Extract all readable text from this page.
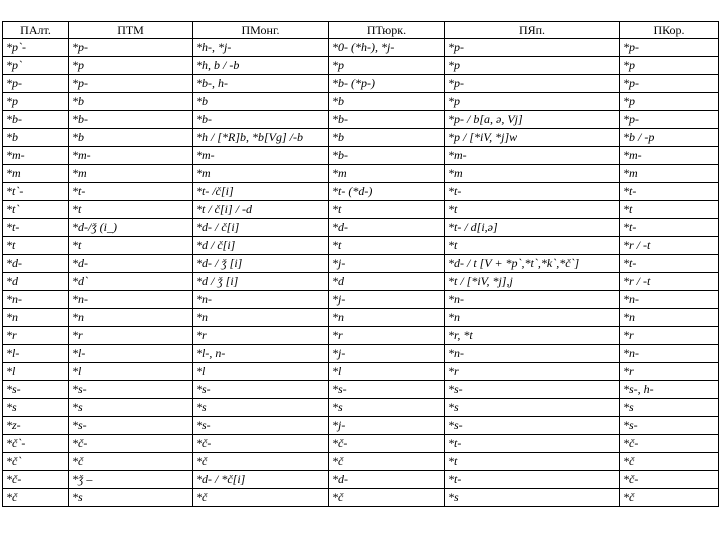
ПАлт.	ПТМ	ПМонг.	ПТюрк.	ПЯп.	ПКор.
*p`-	*p-	*h-, *j-	*0- (*h-), *j-	*p-	*p-
*p`	*p	*h, b / -b	*p	*p	*p
*p-	*p-	*b-, h-	*b- (*p-)	*p-	*p-
*p	*b	*b	*b	*p	*p
*b-	*b-	*b-	*b-	*p- / b[a, ə, Vj]	*p-
*b	*b	*h / [*R]b, *b[Vg] /-b	*b	*p / [*iV, *j]w	*b / -p
*m-	*m-	*m-	*b-	*m-	*m-
*m	*m	*m	*m	*m	*m
*t`-	*t-	*t- /č[i]	*t- (*d-)	*t-	*t-
*t`	*t	*t / č[i] / -d	*t	*t	*t
*t-	*d-/ǯ (i_)	*d- / č[i]	*d-	*t- / d[i,ə]	*t-
*t	*t	*d / č[i]	*t	*t	*r / -t
*d-	*d-	*d- / ǯ [i]	*j-	*d- / t [V + *p`,*t`,*k`,*č`]	*t-
*d	*d`	*d / ǯ [i]	*d	*t / [*iV, *j],j	*r / -t
*n-	*n-	*n-	*j-	*n-	*n-
*n	*n	*n	*n	*n	*n
*r	*r	*r	*r	*r, *t	*r
*l-	*l-	*l-, n-	*j-	*n-	*n-
*l	*l	*l	*l	*r	*r
*s-	*s-	*s-	*s-	*s-	*s-, h-
*s	*s	*s	*s	*s	*s
*z-	*s-	*s-	*j-	*s-	*s-
*č`-	*č-	*č-	*č-	*t-	*č-
*č`	*č	*č	*č	*t	*č
*č-	*ǯ –	*d- / *č[i]	*d-	*t-	*č-
*č	*s	*č	*č	*s	*č
